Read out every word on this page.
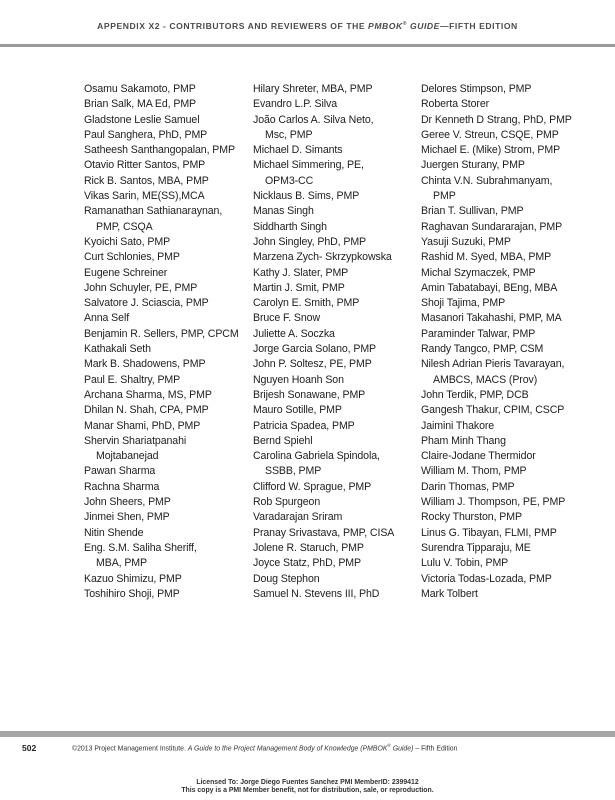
APPENDIX X2 - CONTRIBUTORS AND REVIEWERS OF THE PMBOK® GUIDE—FIFTH EDITION
Osamu Sakamoto, PMP
Brian Salk, MA Ed, PMP
Gladstone Leslie Samuel
Paul Sanghera, PhD, PMP
Satheesh Santhangopalan, PMP
Otavio Ritter Santos, PMP
Rick B. Santos, MBA, PMP
Vikas Sarin, ME(SS),MCA
Ramanathan Sathianaraynan,
PMP, CSQA
Kyoichi Sato, PMP
Curt Schlonies, PMP
Eugene Schreiner
John Schuyler, PE, PMP
Salvatore J. Sciascia, PMP
Anna Self
Benjamin R. Sellers, PMP, CPCM
Kathakali Seth
Mark B. Shadowens, PMP
Paul E. Shaltry, PMP
Archana Sharma, MS, PMP
Dhilan N. Shah, CPA, PMP
Manar Shami, PhD, PMP
Shervin Shariatpanahi
Mojtabanejad
Pawan Sharma
Rachna Sharma
John Sheers, PMP
Jinmei Shen, PMP
Nitin Shende
Eng. S.M. Saliha Sheriff,
MBA, PMP
Kazuo Shimizu, PMP
Toshihiro Shoji, PMP
Hilary Shreter, MBA, PMP
Evandro L.P. Silva
João Carlos A. Silva Neto,
Msc, PMP
Michael D. Simants
Michael Simmering, PE,
OPM3-CC
Nicklaus B. Sims, PMP
Manas Singh
Siddharth Singh
John Singley, PhD, PMP
Marzena Zych- Skrzypkowska
Kathy J. Slater, PMP
Martin J. Smit, PMP
Carolyn E. Smith, PMP
Bruce F. Snow
Juliette A. Soczka
Jorge Garcia Solano, PMP
John P. Soltesz, PE, PMP
Nguyen Hoanh Son
Brijesh Sonawane, PMP
Mauro Sotille, PMP
Patricia Spadea, PMP
Bernd Spiehl
Carolina Gabriela Spindola,
SSBB, PMP
Clifford W. Sprague, PMP
Rob Spurgeon
Varadarajan Sriram
Pranay Srivastava, PMP, CISA
Jolene R. Staruch, PMP
Joyce Statz, PhD, PMP
Doug Stephon
Samuel N. Stevens III, PhD
Delores Stimpson, PMP
Roberta Storer
Dr Kenneth D Strang, PhD, PMP
Geree V. Streun, CSQE, PMP
Michael E. (Mike) Strom, PMP
Juergen Sturany, PMP
Chinta V.N. Subrahmanyam,
PMP
Brian T. Sullivan, PMP
Raghavan Sundararajan, PMP
Yasuji Suzuki, PMP
Rashid M. Syed, MBA, PMP
Michal Szymaczek, PMP
Amin Tabatabayi, BEng, MBA
Shoji Tajima, PMP
Masanori Takahashi, PMP, MA
Paraminder Talwar, PMP
Randy Tangco, PMP, CSM
Nilesh Adrian Pieris Tavarayan,
AMBCS, MACS (Prov)
John Terdik, PMP, DCB
Gangesh Thakur, CPIM, CSCP
Jaimini Thakore
Pham Minh Thang
Claire-Jodane Thermidor
William M. Thom, PMP
Darin Thomas, PMP
William J. Thompson, PE, PMP
Rocky Thurston, PMP
Linus G. Tibayan, FLMI, PMP
Surendra Tipparaju, ME
Lulu V. Tobin, PMP
Victoria Todas-Lozada, PMP
Mark Tolbert
502	©2013 Project Management Institute. A Guide to the Project Management Body of Knowledge (PMBOK® Guide) – Fifth Edition
Licensed To: Jorge Diego Fuentes Sanchez PMI MemberID: 2399412
This copy is a PMI Member benefit, not for distribution, sale, or reproduction.
